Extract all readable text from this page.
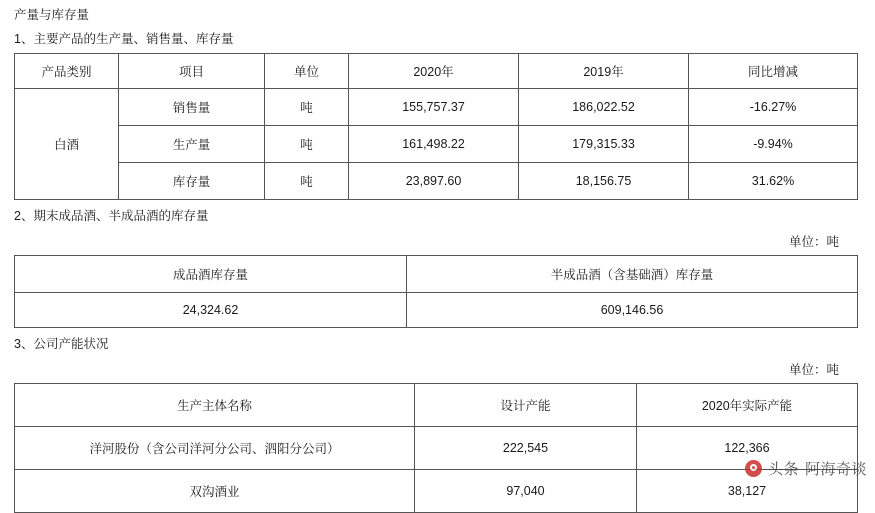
产量与库存量
1、主要产品的生产量、销售量、库存量
产品类别	项目	单位	2020年	2019年	同比增减
白酒	销售量	吨	155,757.37	186,022.52	-16.27%
	生产量	吨	161,498.22	179,315.33	-9.94%
	库存量	吨	23,897.60	18,156.75	31.62%
2、期末成品酒、半成品酒的库存量
单位：吨
成品酒库存量	半成品酒（含基础酒）库存量
24,324.62	609,146.56
3、公司产能状况
单位：吨
生产主体名称	设计产能	2020年实际产能
洋河股份（含公司洋河分公司、泗阳分公司）	222,545	122,366
双沟酒业	97,040	38,127
头条 阿海奇谈
